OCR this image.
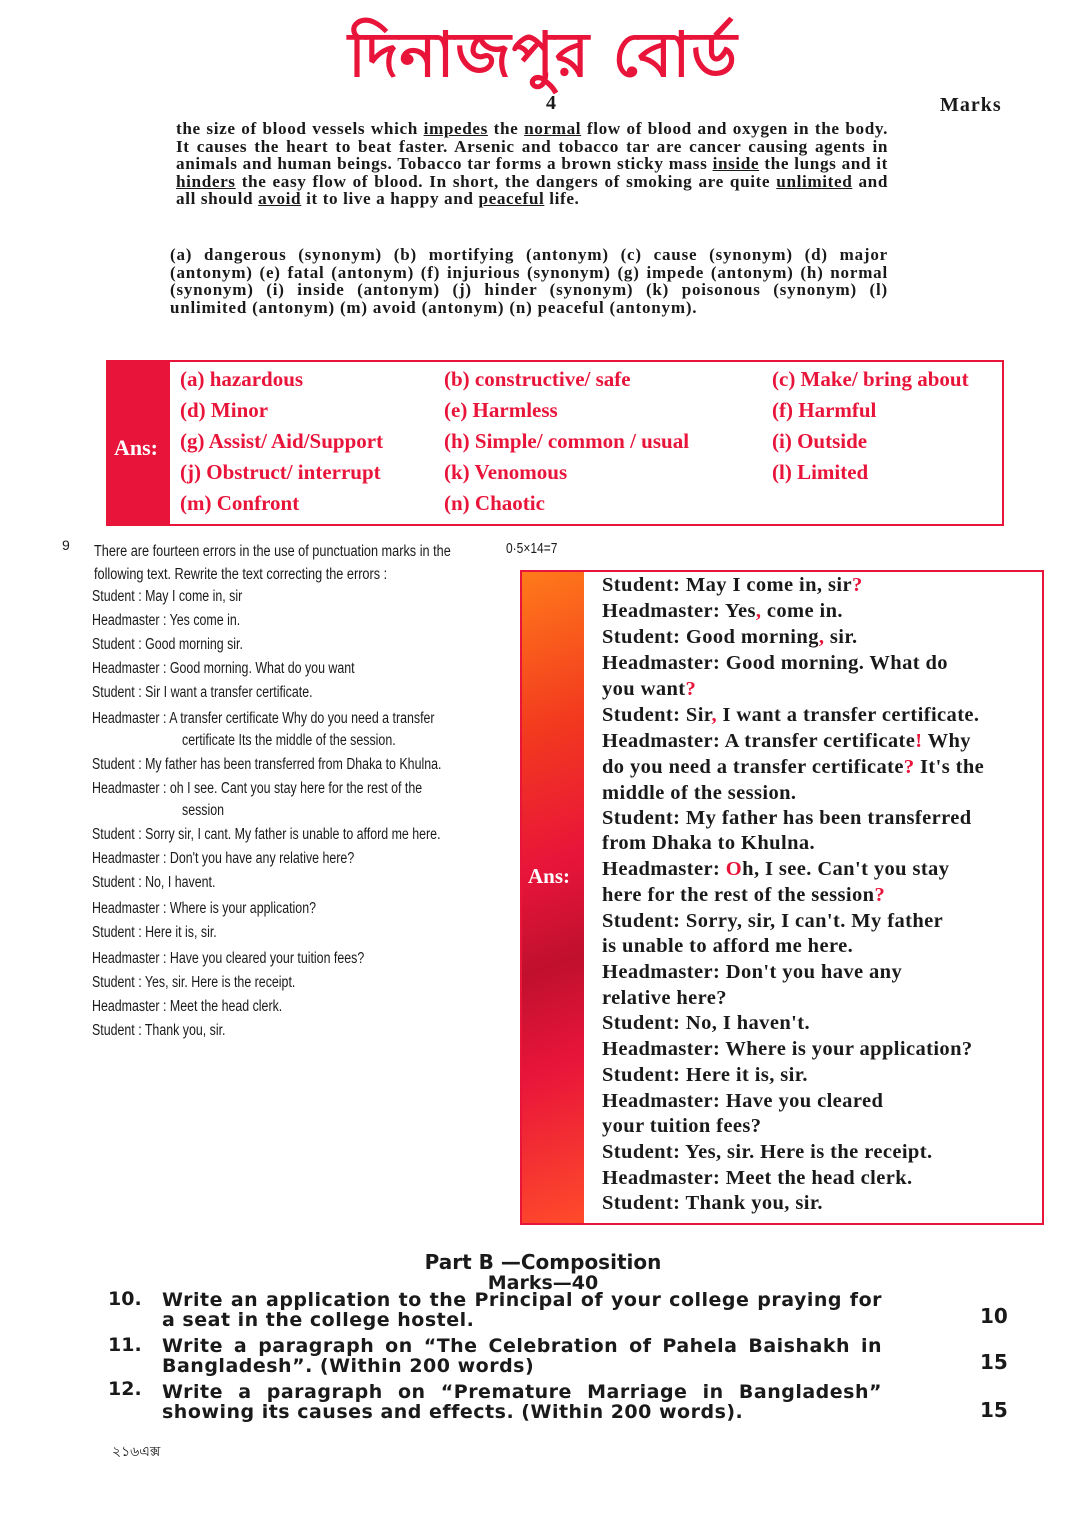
দিনাজপুর বোর্ড
4	Marks
the size of blood vessels which impedes the normal flow of blood and oxygen in the body. It causes the heart to beat faster. Arsenic and tobacco tar are cancer causing agents in animals and human beings. Tobacco tar forms a brown sticky mass inside the lungs and it hinders the easy flow of blood. In short, the dangers of smoking are quite unlimited and all should avoid it to live a happy and peaceful life.
(a) dangerous (synonym) (b) mortifying (antonym) (c) cause (synonym) (d) major (antonym) (e) fatal (antonym) (f) injurious (synonym) (g) impede (antonym) (h) normal (synonym) (i) inside (antonym) (j) hinder (synonym) (k) poisonous (synonym) (l) unlimited (antonym) (m) avoid (antonym) (n) peaceful (antonym).
Ans:
(a) hazardous	(b) constructive/ safe	(c) Make/ bring about
(d) Minor	(e) Harmless	(f) Harmful
(g) Assist/ Aid/Support	(h) Simple/ common / usual	(i) Outside
(j) Obstruct/ interrupt	(k) Venomous	(l) Limited
(m) Confront	(n) Chaotic
9 There are fourteen errors in the use of punctuation marks in the following text. Rewrite the text correcting the errors :
0·5×14=7
Student : May I come in, sir
Headmaster : Yes come in.
Student : Good morning sir.
Headmaster : Good morning. What do you want
Student : Sir I want a transfer certificate.
Headmaster : A transfer certificate Why do you need a transfer
certificate Its the middle of the session.
Student : My father has been transferred from Dhaka to Khulna.
Headmaster : oh I see. Cant you stay here for the rest of the
session
Student : Sorry sir, I cant. My father is unable to afford me here.
Headmaster : Don't you have any relative here?
Student : No, I havent.
Headmaster : Where is your application?
Student : Here it is, sir.
Headmaster : Have you cleared your tuition fees?
Student : Yes, sir. Here is the receipt.
Headmaster : Meet the head clerk.
Student : Thank you, sir.
Ans:
Student: May I come in, sir?
Headmaster: Yes, come in.
Student: Good morning, sir.
Headmaster: Good morning. What do
you want?
Student: Sir, I want a transfer certificate.
Headmaster: A transfer certificate! Why
do you need a transfer certificate? It's the
middle of the session.
Student: My father has been transferred
from Dhaka to Khulna.
Headmaster: Oh, I see. Can't you stay
here for the rest of the session?
Student: Sorry, sir, I can't. My father
is unable to afford me here.
Headmaster: Don't you have any
relative here?
Student: No, I haven't.
Headmaster: Where is your application?
Student: Here it is, sir.
Headmaster: Have you cleared
your tuition fees?
Student: Yes, sir. Here is the receipt.
Headmaster: Meet the head clerk.
Student: Thank you, sir.
Part B —Composition
Marks—40
10. Write an application to the Principal of your college praying for a seat in the college hostel.	10
11. Write a paragraph on “The Celebration of Pahela Baishakh in Bangladesh”. (Within 200 words)	15
12. Write a paragraph on “Premature Marriage in Bangladesh” showing its causes and effects. (Within 200 words).	15
২১৬এক্স
